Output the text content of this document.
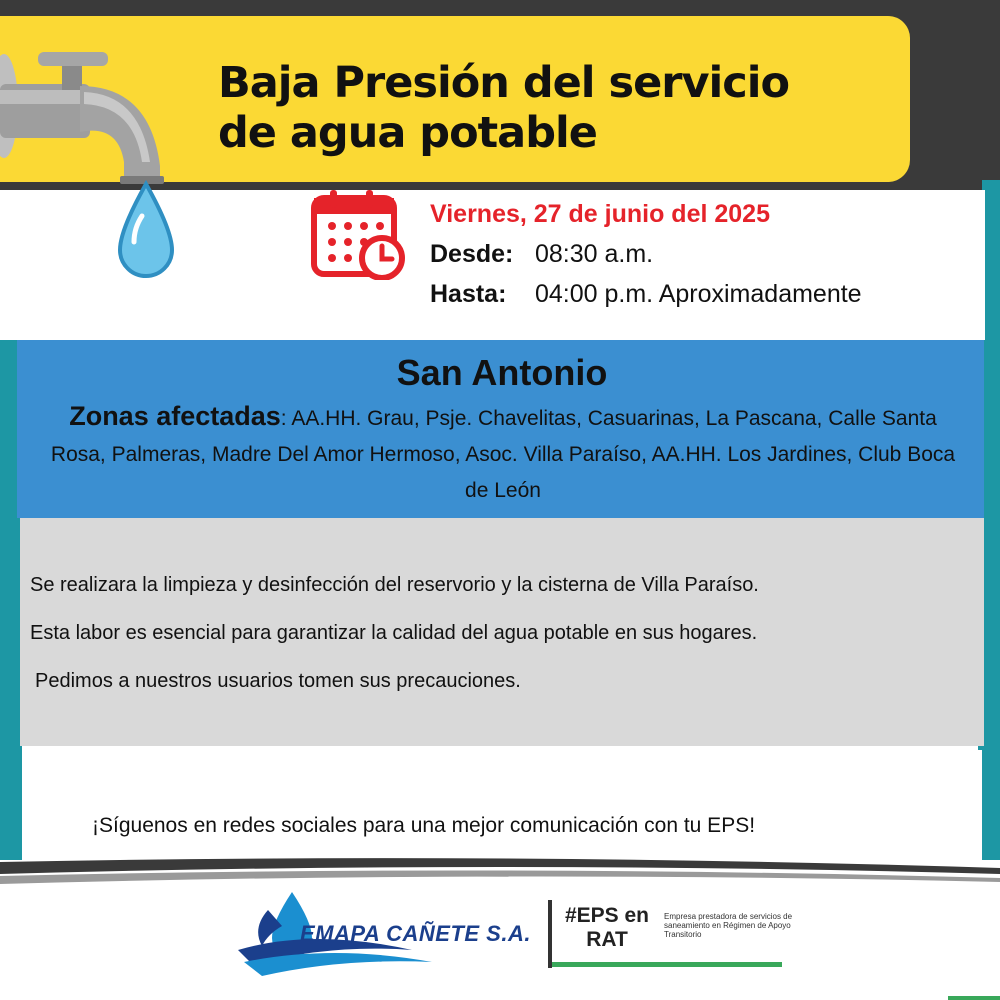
Baja Presión del servicio
de agua potable
Viernes, 27 de junio del 2025
Desde: 08:30 a.m.
Hasta: 04:00 p.m. Aproximadamente
San Antonio
Zonas afectadas: AA.HH. Grau, Psje. Chavelitas, Casuarinas, La Pascana, Calle Santa Rosa, Palmeras, Madre Del Amor Hermoso, Asoc. Villa Paraíso, AA.HH. Los Jardines, Club Boca de León
Se realizara la limpieza y desinfección del reservorio y la cisterna de Villa Paraíso.
Esta labor es esencial para garantizar la calidad del agua potable en sus hogares.
Pedimos a nuestros usuarios tomen sus precauciones.
¡Síguenos en redes sociales para una mejor comunicación con tu EPS!
EMAPA CAÑETE S.A.
#EPS en
RAT
Empresa prestadora de servicios de saneamiento en Régimen de Apoyo Transitorio
